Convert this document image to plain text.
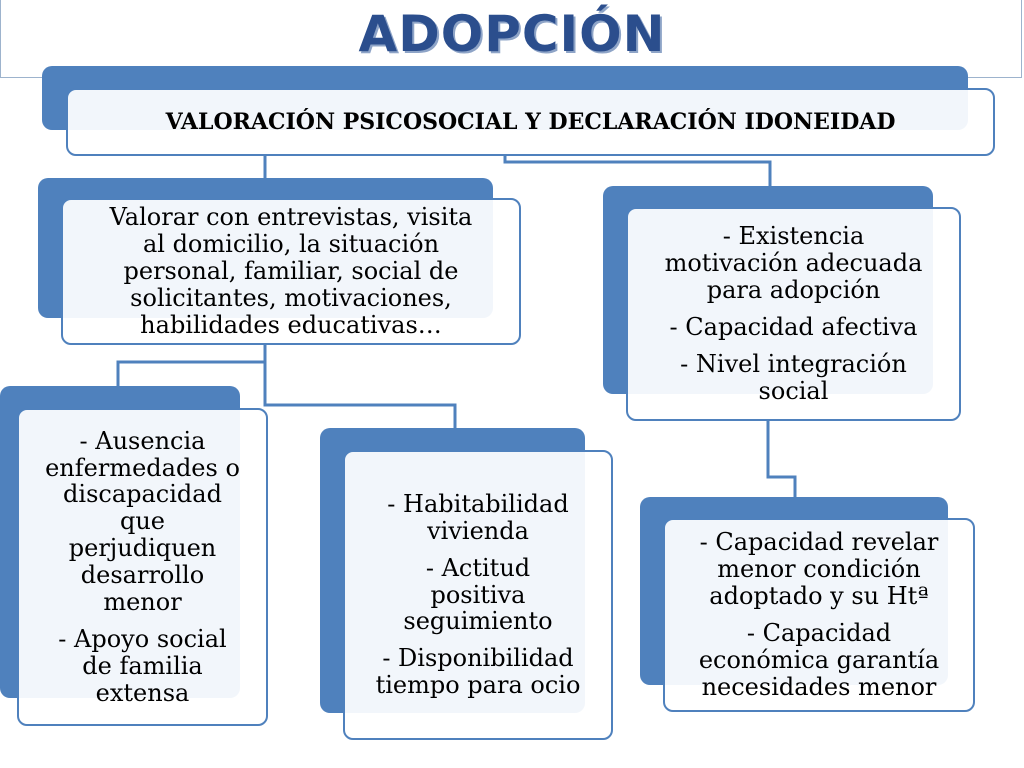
ADOPCIÓN

VALORACIÓN PSICOSOCIAL Y DECLARACIÓN IDONEIDAD

Valorar con entrevistas, visita
al domicilio, la situación
personal, familiar, social de
solicitantes, motivaciones,
habilidades educativas…

- Existencia
motivación adecuada
para adopción

- Capacidad afectiva

- Nivel integración
social

- Ausencia
enfermedades o
discapacidad
que
perjudiquen
desarrollo
menor

- Apoyo social
de familia
extensa

- Habitabilidad
vivienda

- Actitud
positiva
seguimiento

- Disponibilidad
tiempo para ocio

- Capacidad revelar
menor condición
adoptado y su Htª

- Capacidad
económica garantía
necesidades menor
